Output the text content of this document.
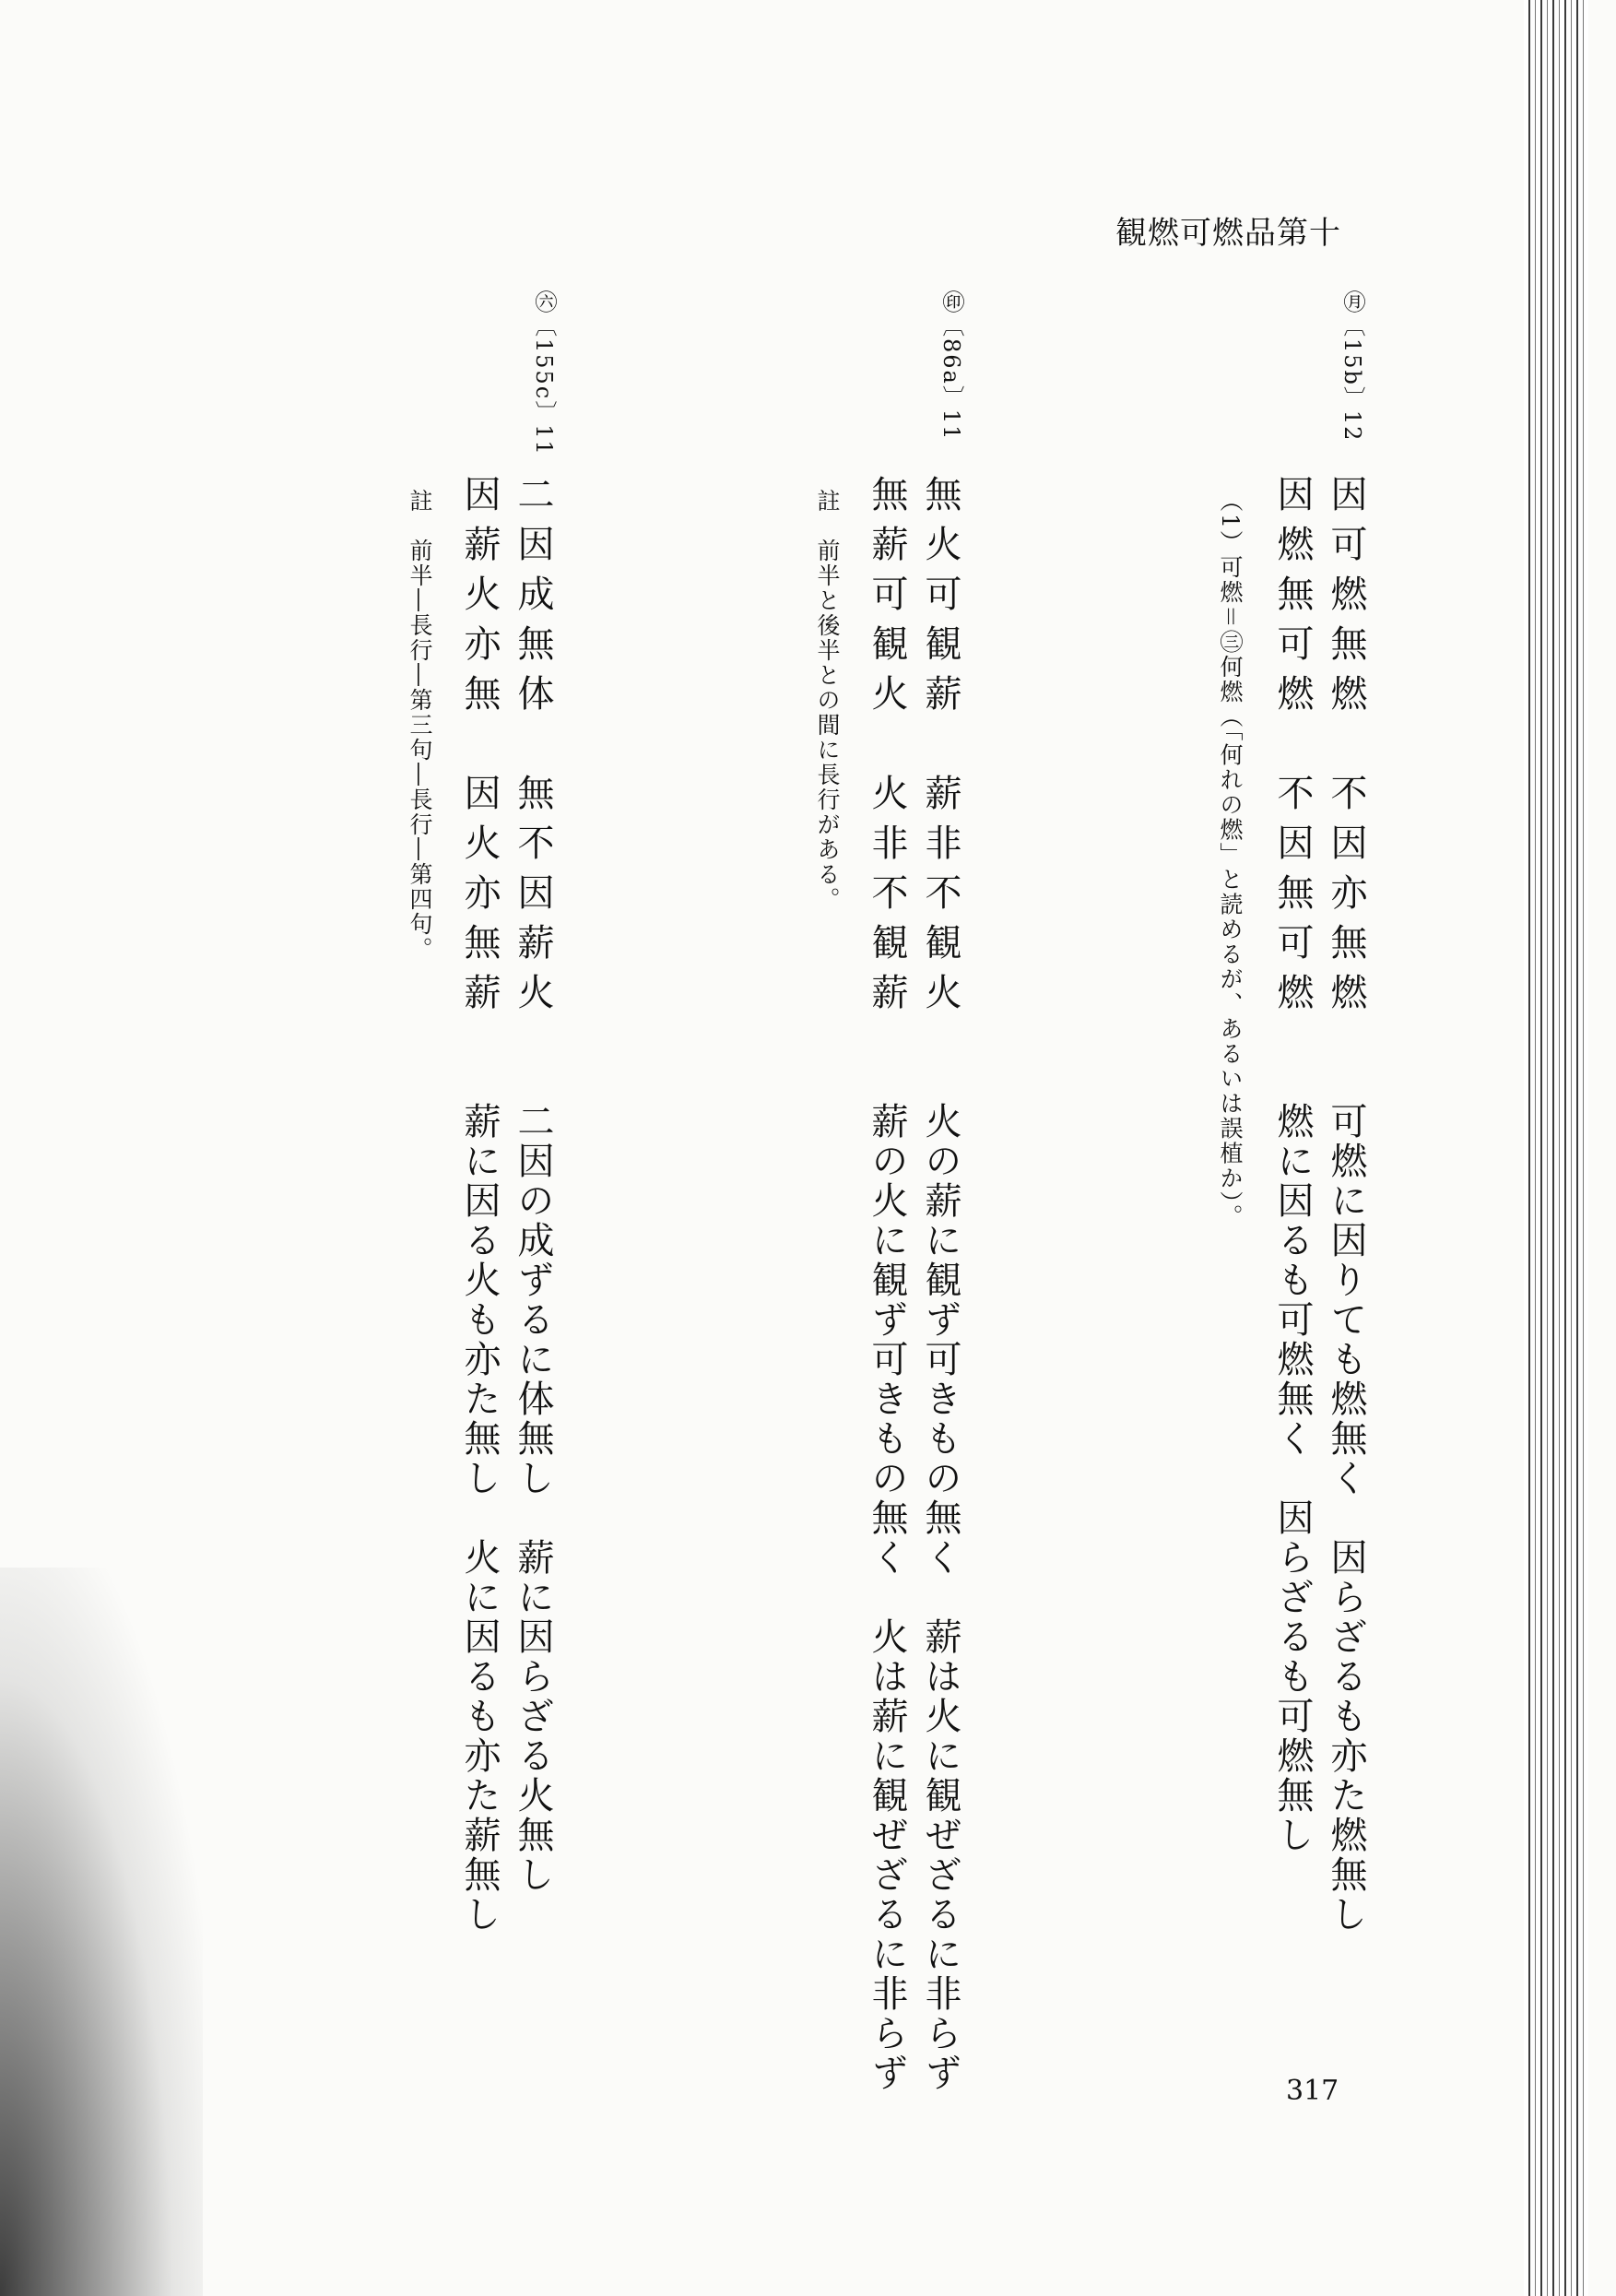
観燃可燃品第十

㊊〔15b〕12

因可燃無燃　不因亦無燃

因燃無可燃　不因無可燃

（1）可燃＝㊂何燃（「何れの燃」と読めるが、あるいは誤植か）。

可燃に因りても燃無く　因らざるも亦た燃無し

燃に因るも可燃無く　因らざるも可燃無し

㊞〔86a〕11

無火可観薪　薪非不観火

無薪可観火　火非不観薪

註　前半と後半との間に長行がある。

火の薪に観ず可きもの無く　薪は火に観ぜざるに非らず

薪の火に観ず可きもの無く　火は薪に観ぜざるに非らず

㊅〔155c〕11

二因成無体　無不因薪火

因薪火亦無　因火亦無薪

註　前半―長行―第三句―長行―第四句。

二因の成ずるに体無し　薪に因らざる火無し

薪に因る火も亦た無し　火に因るも亦た薪無し

317
